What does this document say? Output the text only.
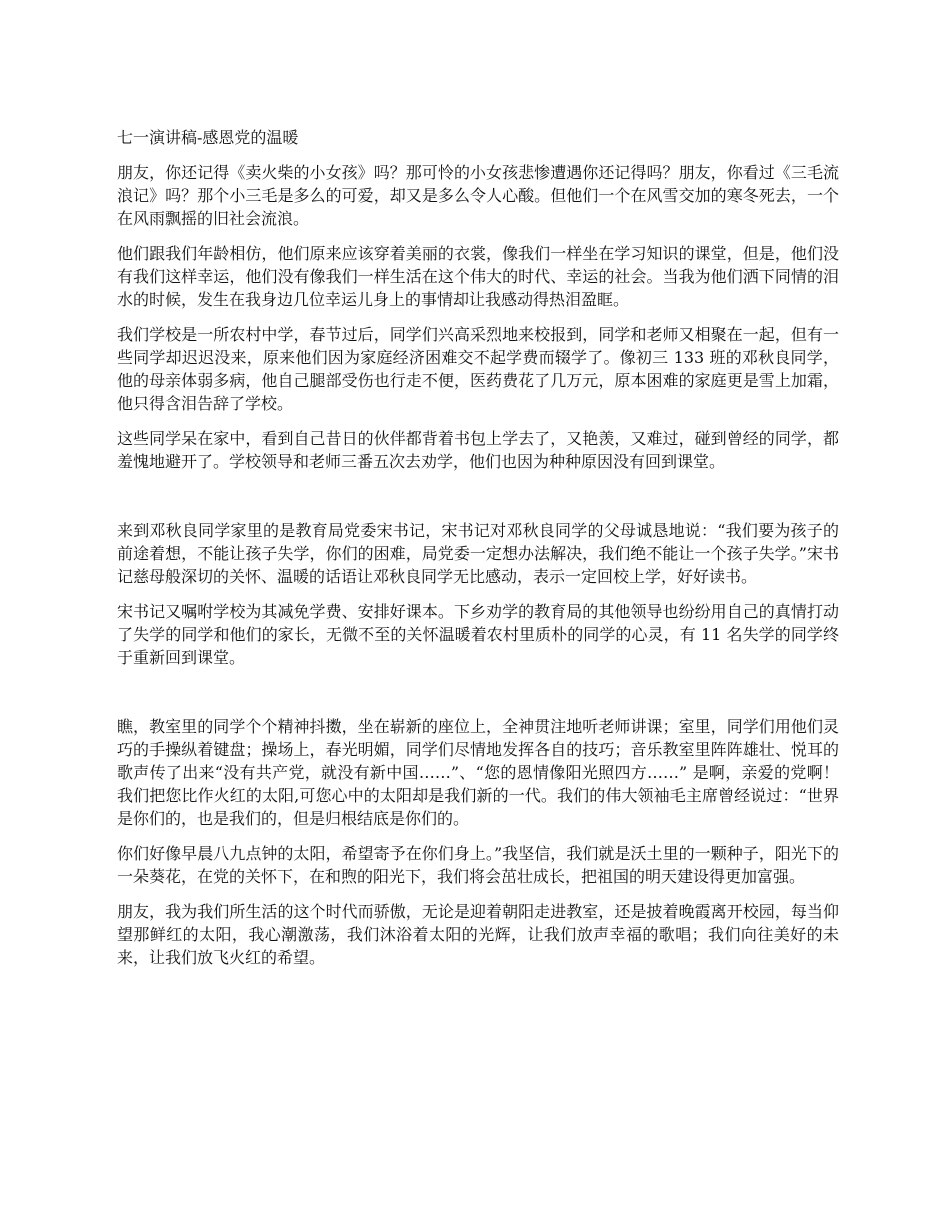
七一演讲稿-感恩党的温暖

朋友，你还记得《卖火柴的小女孩》吗？那可怜的小女孩悲惨遭遇你还记得吗？朋友，你看过《三毛流浪记》吗？那个小三毛是多么的可爱，却又是多么令人心酸。但他们一个在风雪交加的寒冬死去，一个在风雨飘摇的旧社会流浪。

他们跟我们年龄相仿，他们原来应该穿着美丽的衣裳，像我们一样坐在学习知识的课堂，但是，他们没有我们这样幸运，他们没有像我们一样生活在这个伟大的时代、幸运的社会。当我为他们洒下同情的泪水的时候，发生在我身边几位幸运儿身上的事情却让我感动得热泪盈眶。

我们学校是一所农村中学，春节过后，同学们兴高采烈地来校报到，同学和老师又相聚在一起，但有一些同学却迟迟没来，原来他们因为家庭经济困难交不起学费而辍学了。像初三 133 班的邓秋良同学，他的母亲体弱多病，他自己腿部受伤也行走不便，医药费花了几万元，原本困难的家庭更是雪上加霜，他只得含泪告辞了学校。

这些同学呆在家中，看到自己昔日的伙伴都背着书包上学去了，又艳羡，又难过，碰到曾经的同学，都羞愧地避开了。学校领导和老师三番五次去劝学，他们也因为种种原因没有回到课堂。

来到邓秋良同学家里的是教育局党委宋书记，宋书记对邓秋良同学的父母诚恳地说：“我们要为孩子的前途着想，不能让孩子失学，你们的困难，局党委一定想办法解决，我们绝不能让一个孩子失学。”宋书记慈母般深切的关怀、温暖的话语让邓秋良同学无比感动，表示一定回校上学，好好读书。

宋书记又嘱咐学校为其减免学费、安排好课本。下乡劝学的教育局的其他领导也纷纷用自己的真情打动了失学的同学和他们的家长，无微不至的关怀温暖着农村里质朴的同学的心灵，有 11 名失学的同学终于重新回到课堂。

瞧，教室里的同学个个精神抖擞，坐在崭新的座位上，全神贯注地听老师讲课；室里，同学们用他们灵巧的手操纵着键盘；操场上，春光明媚，同学们尽情地发挥各自的技巧；音乐教室里阵阵雄壮、悦耳的歌声传了出来“没有共产党，就没有新中国……”、“您的恩情像阳光照四方……” 是啊，亲爱的党啊！我们把您比作火红的太阳,可您心中的太阳却是我们新的一代。我们的伟大领袖毛主席曾经说过：“世界是你们的，也是我们的，但是归根结底是你们的。

你们好像早晨八九点钟的太阳，希望寄予在你们身上。”我坚信，我们就是沃土里的一颗种子，阳光下的一朵葵花，在党的关怀下，在和煦的阳光下，我们将会茁壮成长，把祖国的明天建设得更加富强。

朋友，我为我们所生活的这个时代而骄傲，无论是迎着朝阳走进教室，还是披着晚霞离开校园，每当仰望那鲜红的太阳，我心潮激荡，我们沐浴着太阳的光辉，让我们放声幸福的歌唱；我们向往美好的未来，让我们放飞火红的希望。
